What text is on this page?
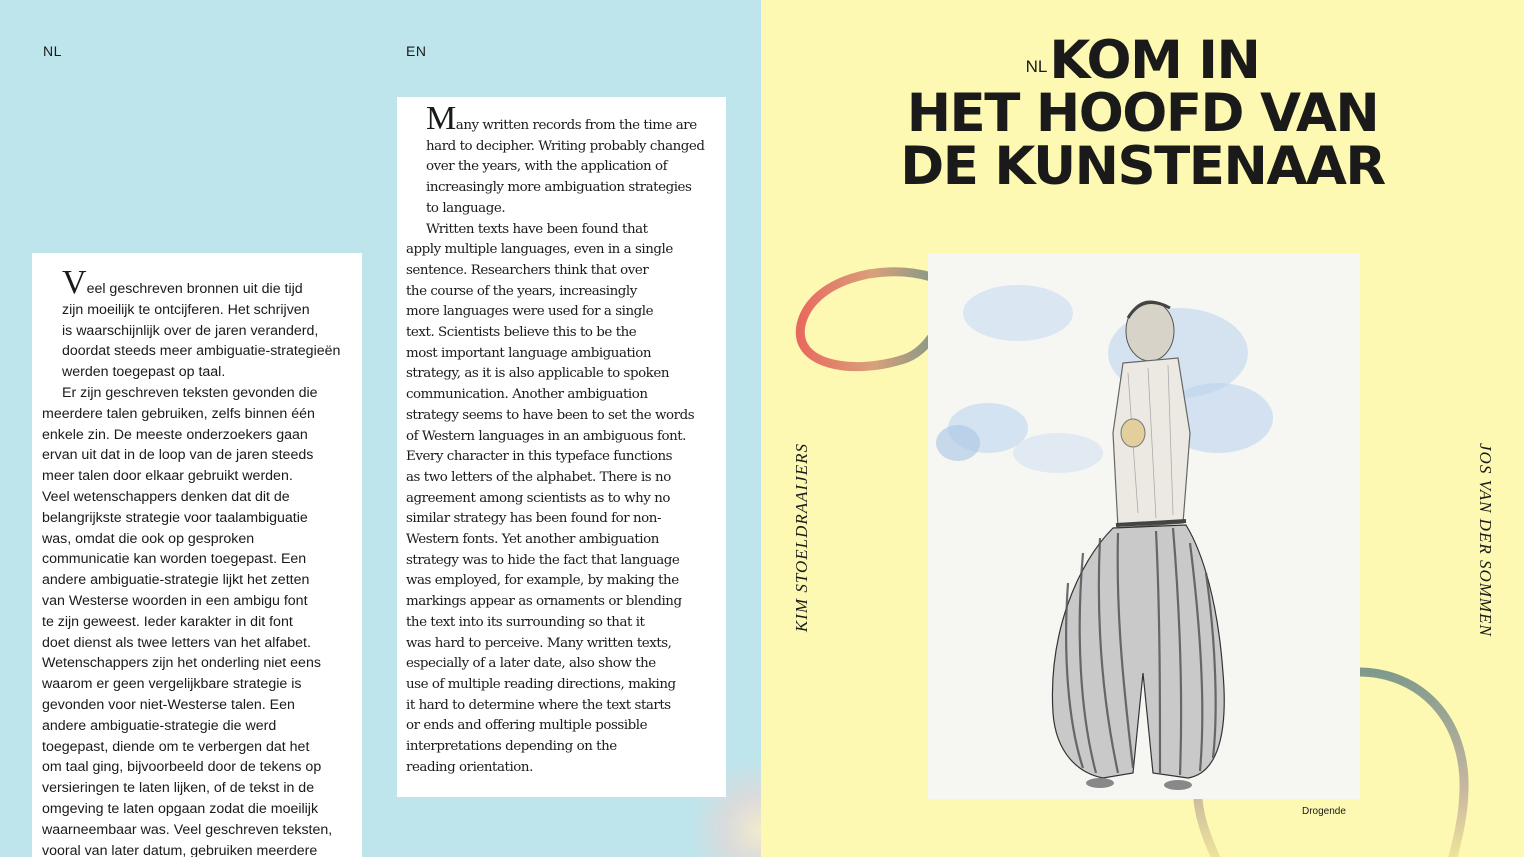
NL	EN

Veel geschreven bronnen uit die tijd
zijn moeilijk te ontcijferen. Het schrijven
is waarschijnlijk over de jaren veranderd,
doordat steeds meer ambiguatie-strategieën
werden toegepast op taal.

Er zijn geschreven teksten gevonden die
meerdere talen gebruiken, zelfs binnen één
enkele zin. De meeste onderzoekers gaan
ervan uit dat in de loop van de jaren steeds
meer talen door elkaar gebruikt werden.
Veel wetenschappers denken dat dit de
belangrijkste strategie voor taalambiguatie
was, omdat die ook op gesproken
communicatie kan worden toegepast. Een
andere ambiguatie-strategie lijkt het zetten
van Westerse woorden in een ambigu font
te zijn geweest. Ieder karakter in dit font
doet dienst als twee letters van het alfabet.
Wetenschappers zijn het onderling niet eens
waarom er geen vergelijkbare strategie is
gevonden voor niet-Westerse talen. Een
andere ambiguatie-strategie die werd
toegepast, diende om te verbergen dat het
om taal ging, bijvoorbeeld door de tekens op
versieringen te laten lijken, of de tekst in de
omgeving te laten opgaan zodat die moeilijk
waarneembaar was. Veel geschreven teksten,
vooral van later datum, gebruiken meerdere

Many written records from the time are
hard to decipher. Writing probably changed
over the years, with the application of
increasingly more ambiguation strategies
to language.

Written texts have been found that
apply multiple languages, even in a single
sentence. Researchers think that over
the course of the years, increasingly
more languages were used for a single
text. Scientists believe this to be the
most important language ambiguation
strategy, as it is also applicable to spoken
communication. Another ambiguation
strategy seems to have been to set the words
of Western languages in an ambiguous font.
Every character in this typeface functions
as two letters of the alphabet. There is no
agreement among scientists as to why no
similar strategy has been found for non-
Western fonts. Yet another ambiguation
strategy was to hide the fact that language
was employed, for example, by making the
markings appear as ornaments or blending
the text into its surrounding so that it
was hard to perceive. Many written texts,
especially of a later date, also show the
use of multiple reading directions, making
it hard to determine where the text starts
or ends and offering multiple possible
interpretations depending on the
reading orientation.

$^{NL}$KOM IN
HET HOOFD VAN
DE KUNSTENAAR
Drogende
KIM STOELDRAAIJERS	JOS VAN DER SOMMEN
